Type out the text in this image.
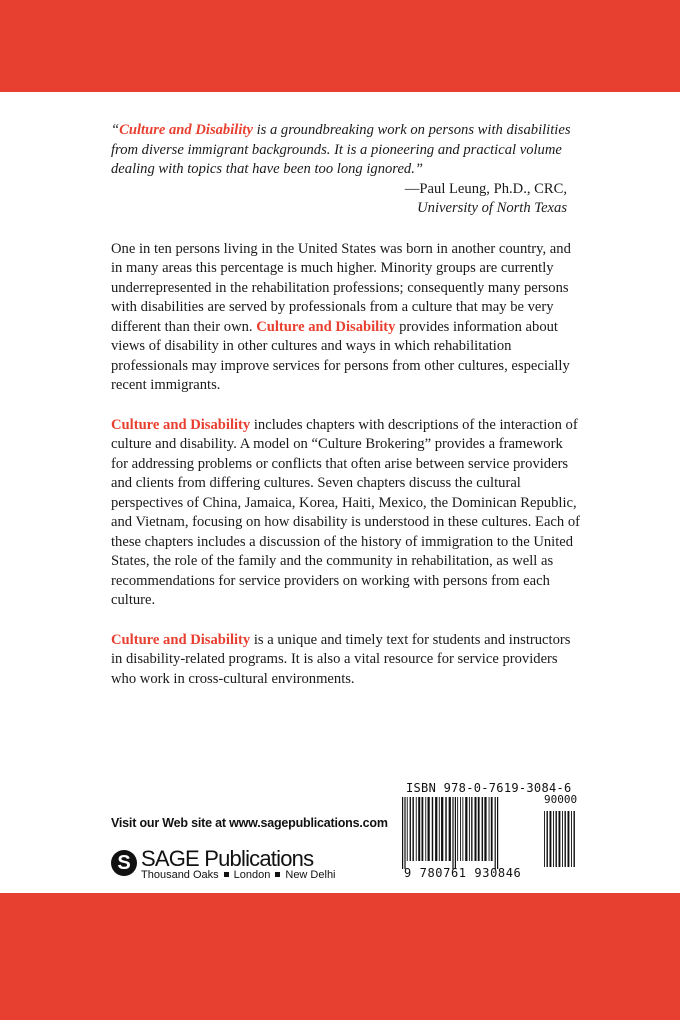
“Culture and Disability is a groundbreaking work on persons with disabilities from diverse immigrant backgrounds. It is a pioneering and practical volume dealing with topics that have been too long ignored.”

—Paul Leung, Ph.D., CRC,
University of North Texas

One in ten persons living in the United States was born in another country, and in many areas this percentage is much higher. Minority groups are currently underrepresented in the rehabilitation professions; consequently many persons with disabilities are served by professionals from a culture that may be very different than their own. Culture and Disability provides information about views of disability in other cultures and ways in which rehabilitation professionals may improve services for persons from other cultures, especially recent immigrants.

Culture and Disability includes chapters with descriptions of the interaction of culture and disability. A model on “Culture Brokering” provides a framework for addressing problems or conflicts that often arise between service providers and clients from differing cultures. Seven chapters discuss the cultural perspectives of China, Jamaica, Korea, Haiti, Mexico, the Dominican Republic, and Vietnam, focusing on how disability is understood in these cultures. Each of these chapters includes a discussion of the history of immigration to the United States, the role of the family and the community in rehabilitation, as well as recommendations for service providers on working with persons from each culture.

Culture and Disability is a unique and timely text for students and instructors in disability-related programs. It is also a vital resource for service providers who work in cross-cultural environments.

Visit our Web site at www.sagepublications.com
S SAGE Publications
Thousand Oaks London New Delhi
ISBN 978-0-7619-3084-6
90000
9 780761 930846
